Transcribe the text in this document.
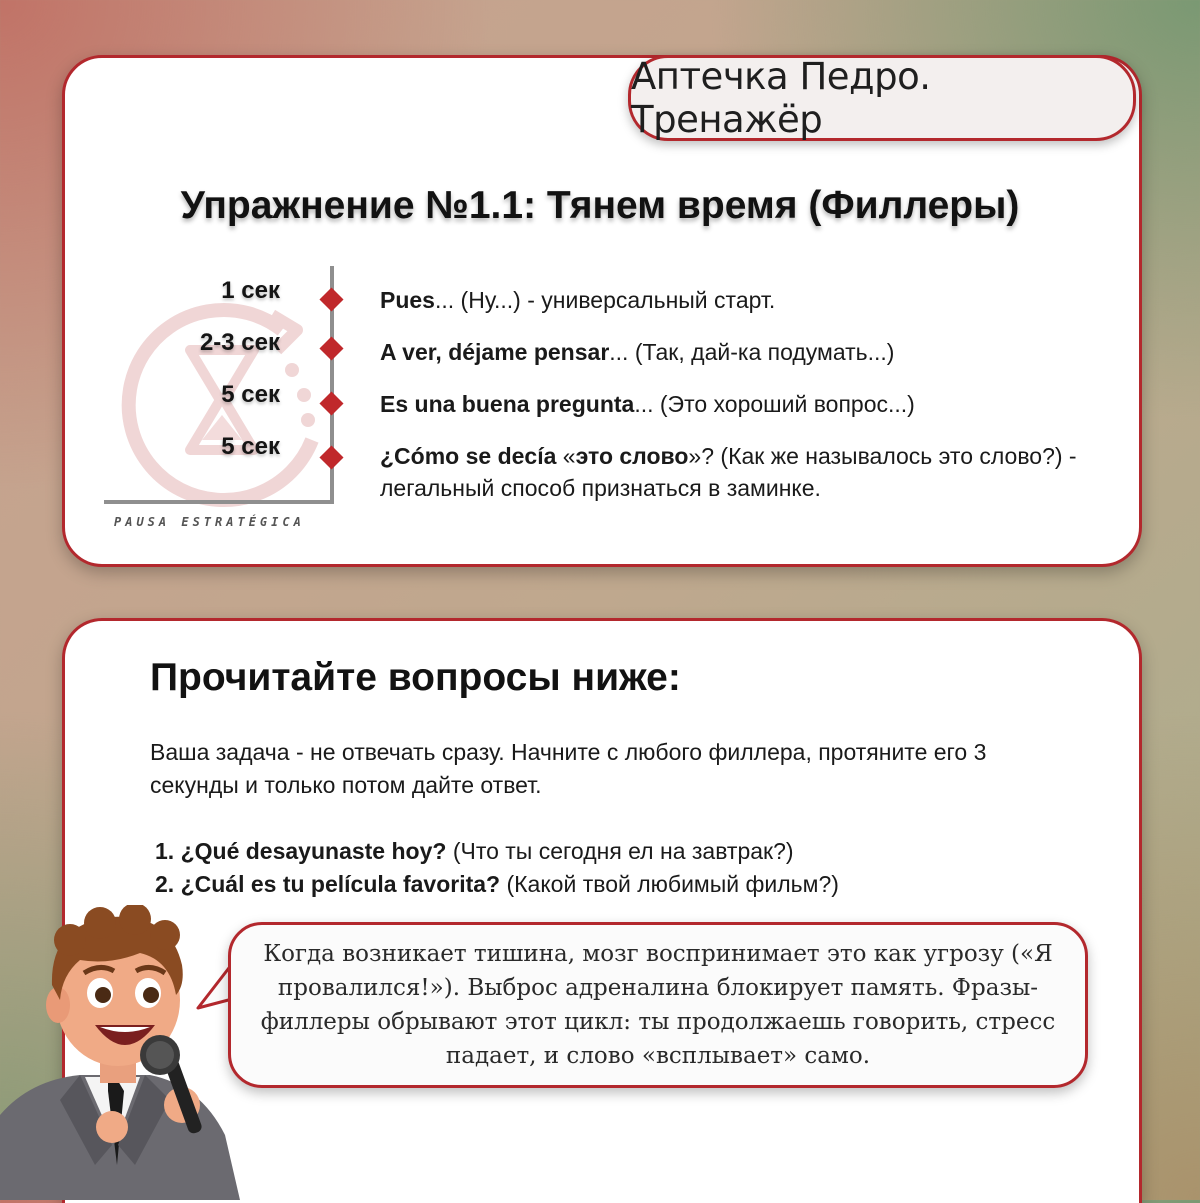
Аптечка Педро. Тренажёр
Упражнение №1.1: Тянем время (Филлеры)
PAUSA ESTRATÉGICA
1 сек
2-3 сек
5 сек
5 сек
Pues... (Ну...) - универсальный старт.
A ver, déjame pensar... (Так, дай-ка подумать...)
Es una buena pregunta... (Это хороший вопрос...)
¿Cómo se decía «это слово»? (Как же называлось это слово?) - легальный способ признаться в заминке.
Прочитайте вопросы ниже:
Ваша задача - не отвечать сразу. Начните с любого филлера, протяните его 3 секунды и только потом дайте ответ.
1. ¿Qué desayunaste hoy? (Что ты сегодня ел на завтрак?)
2. ¿Cuál es tu película favorita? (Какой твой любимый фильм?)
Когда возникает тишина, мозг воспринимает это как угрозу («Я провалился!»). Выброс адреналина блокирует память. Фразы-филлеры обрывают этот цикл: ты продолжаешь говорить, стресс падает, и слово «всплывает» само.
